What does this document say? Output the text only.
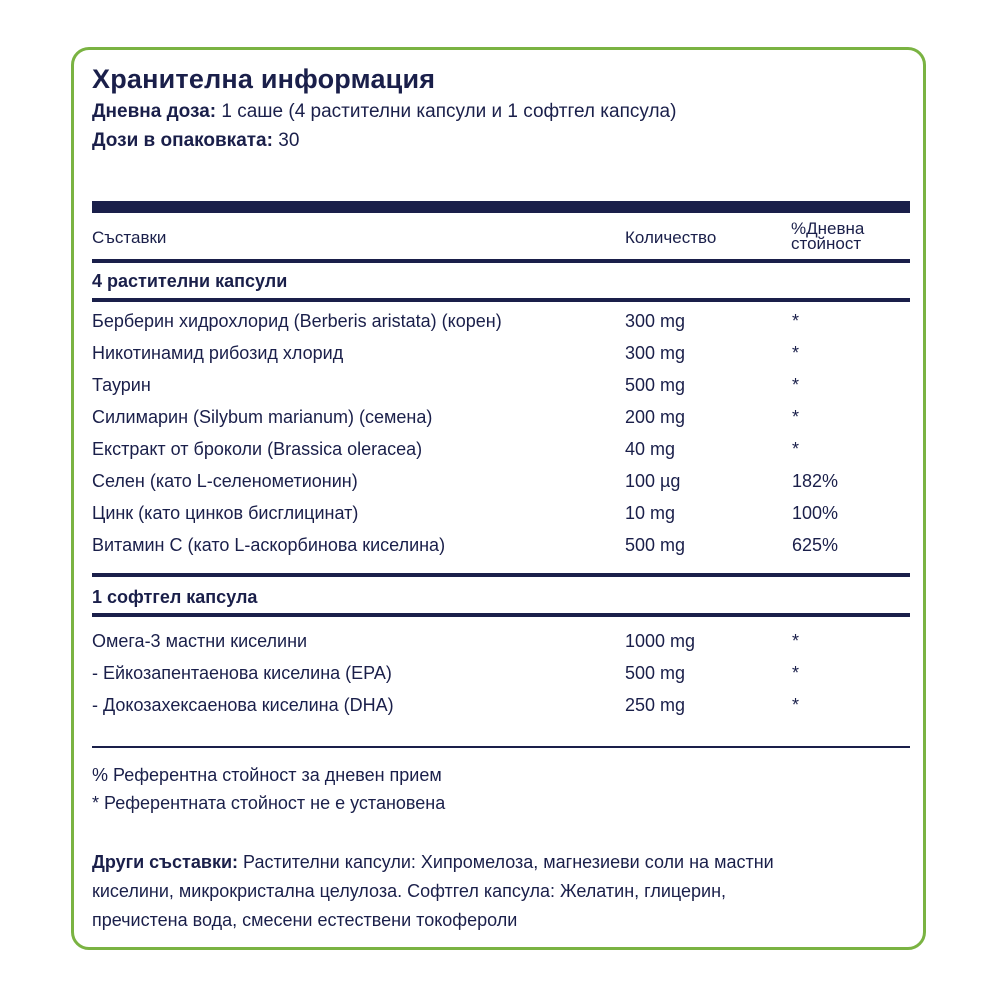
Хранителна информация
Дневна доза: 1 саше (4 растителни капсули и 1 софтгел капсула)
Дози в опаковката: 30
Съставки	Количество	%Дневна
стойност
4 растителни капсули
Берберин хидрохлорид (Berberis aristata) (корен)	300 mg	*
Никотинамид рибозид хлорид	300 mg	*
Таурин	500 mg	*
Силимарин (Silybum marianum) (семена)	200 mg	*
Екстракт от броколи (Brassica oleracea)	40 mg	*
Селен (като L-селенометионин)	100 µg	182%
Цинк (като цинков бисглицинат)	10 mg	100%
Витамин С (като L-аскорбинова киселина)	500 mg	625%
1 софтгел капсула
Омега-3 мастни киселини	1000 mg	*
- Ейкозапентаенова киселина (EPA)	500 mg	*
- Докозахексаенова киселина (DHA)	250 mg	*
% Референтна стойност за дневен прием
* Референтната стойност не е установена
Други съставки: Растителни капсули: Хипромелоза, магнезиеви соли на мастни киселини, микрокристална целулоза. Софтгел капсула: Желатин, глицерин, пречистена вода, смесени естествени токофероли
